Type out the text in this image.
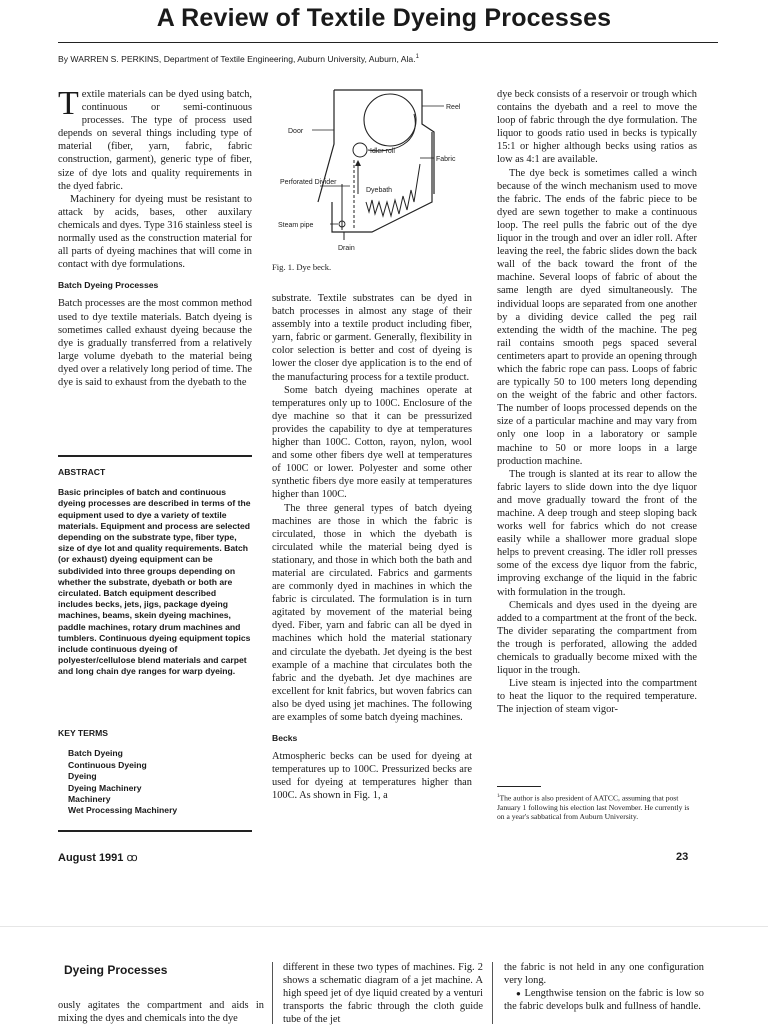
A Review of Textile Dyeing Processes
By WARREN S. PERKINS, Department of Textile Engineering, Auburn University, Auburn, Ala.$^1$

Textile materials can be dyed using batch, continuous or semi-continuous processes. The type of process used depends on several things including type of material (fiber, yarn, fabric, fabric construction, garment), generic type of fiber, size of dye lots and quality requirements in the dyed fabric.

Machinery for dyeing must be resistant to attack by acids, bases, other auxilary chemicals and dyes. Type 316 stainless steel is normally used as the construction material for all parts of dyeing machines that will come in contact with dye formulations.

Batch Dyeing Processes

Batch processes are the most common method used to dye textile materials. Batch dyeing is sometimes called exhaust dyeing because the dye is gradually transferred from a relatively large volume dyebath to the material being dyed over a relatively long period of time. The dye is said to exhaust from the dyebath to the

ABSTRACT
Basic principles of batch and continuous dyeing processes are described in terms of the equipment used to dye a variety of textile materials. Equipment and process are selected depending on the substrate type, fiber type, size of dye lot and quality requirements. Batch (or exhaust) dyeing equipment can be subdivided into three groups depending on whether the substrate, dyebath or both are circulated. Batch equipment described includes becks, jets, jigs, package dyeing machines, beams, skein dyeing machines, paddle machines, rotary drum machines and tumblers. Continuous dyeing equipment topics include continuous dyeing of polyester/cellulose blend materials and carpet and long chain dye ranges for warp dyeing.
KEY TERMS
Batch Dyeing
Continuous Dyeing
Dyeing
Dyeing Machinery
Machinery
Wet Processing Machinery
Reel
Door
Idler roll
Fabric
Perforated Divider
Dyebath
Steam pipe
Drain
Fig. 1. Dye beck.

substrate. Textile substrates can be dyed in batch processes in almost any stage of their assembly into a textile product including fiber, yarn, fabric or garment. Generally, flexibility in color selection is better and cost of dyeing is lower the closer dye application is to the end of the manufacturing process for a textile product.

Some batch dyeing machines operate at temperatures only up to 100C. Enclosure of the dye machine so that it can be pressurized provides the capability to dye at temperatures higher than 100C. Cotton, rayon, nylon, wool and some other fibers dye well at temperatures of 100C or lower. Polyester and some other synthetic fibers dye more easily at temperatures higher than 100C.

The three general types of batch dyeing machines are those in which the fabric is circulated, those in which the dyebath is circulated while the material being dyed is stationary, and those in which both the bath and material are circulated. Fabrics and garments are commonly dyed in machines in which the fabric is circulated. The formulation is in turn agitated by movement of the material being dyed. Fiber, yarn and fabric can all be dyed in machines which hold the material stationary and circulate the dyebath. Jet dyeing is the best example of a machine that circulates both the fabric and the dyebath. Jet dye machines are excellent for knit fabrics, but woven fabrics can also be dyed using jet machines. The following are examples of some batch dyeing machines.

Becks

Atmospheric becks can be used for dyeing at temperatures up to 100C. Pressurized becks are used for dyeing at temperatures higher than 100C. As shown in Fig. 1, a

dye beck consists of a reservoir or trough which contains the dyebath and a reel to move the loop of fabric through the dye formulation. The liquor to goods ratio used in becks is typically 15:1 or higher although becks using ratios as low as 4:1 are available.

The dye beck is sometimes called a winch because of the winch mechanism used to move the fabric. The ends of the fabric piece to be dyed are sewn together to make a continuous loop. The reel pulls the fabric out of the dye liquor in the trough and over an idler roll. After leaving the reel, the fabric slides down the back wall of the back toward the front of the machine. Several loops of fabric of about the same length are dyed simultaneously. The individual loops are separated from one another by a dividing device called the peg rail extending the width of the machine. The peg rail contains smooth pegs spaced several centimeters apart to provide an opening through which the fabric rope can pass. Loops of fabric are typically 50 to 100 meters long depending on the weight of the fabric and other factors. The number of loops processed depends on the size of a particular machine and may vary from only one loop in a laboratory or sample machine to 50 or more loops in a large production machine.

The trough is slanted at its rear to allow the fabric layers to slide down into the dye liquor and move gradually toward the front of the machine. A deep trough and steep sloping back works well for fabrics which do not crease easily while a shallower more gradual slope helps to prevent creasing. The idler roll presses some of the excess dye liquor from the fabric, improving exchange of the liquid in the fabric with formulation in the trough.

Chemicals and dyes used in the dyeing are added to a compartment at the front of the beck. The divider separating the compartment from the trough is perforated, allowing the added chemicals to gradually become mixed with the liquor in the trough.

Live steam is injected into the compartment to heat the liquor to the required temperature. The injection of steam vigor-

$^1$The author is also president of AATCC, assuming that post January 1 following his election last November. He currently is on a year's sabbatical from Auburn University.
August 1991 ꝏ	23
Dyeing Processes

ously agitates the compartment and aids in mixing the dyes and chemicals into the dye

different in these two types of machines. Fig. 2 shows a schematic diagram of a jet machine. A high speed jet of dye liquid created by a venturi transports the fabric through the cloth guide tube of the jet

the fabric is not held in any one configuration very long.

● Lengthwise tension on the fabric is low so the fabric develops bulk and fullness of handle.
